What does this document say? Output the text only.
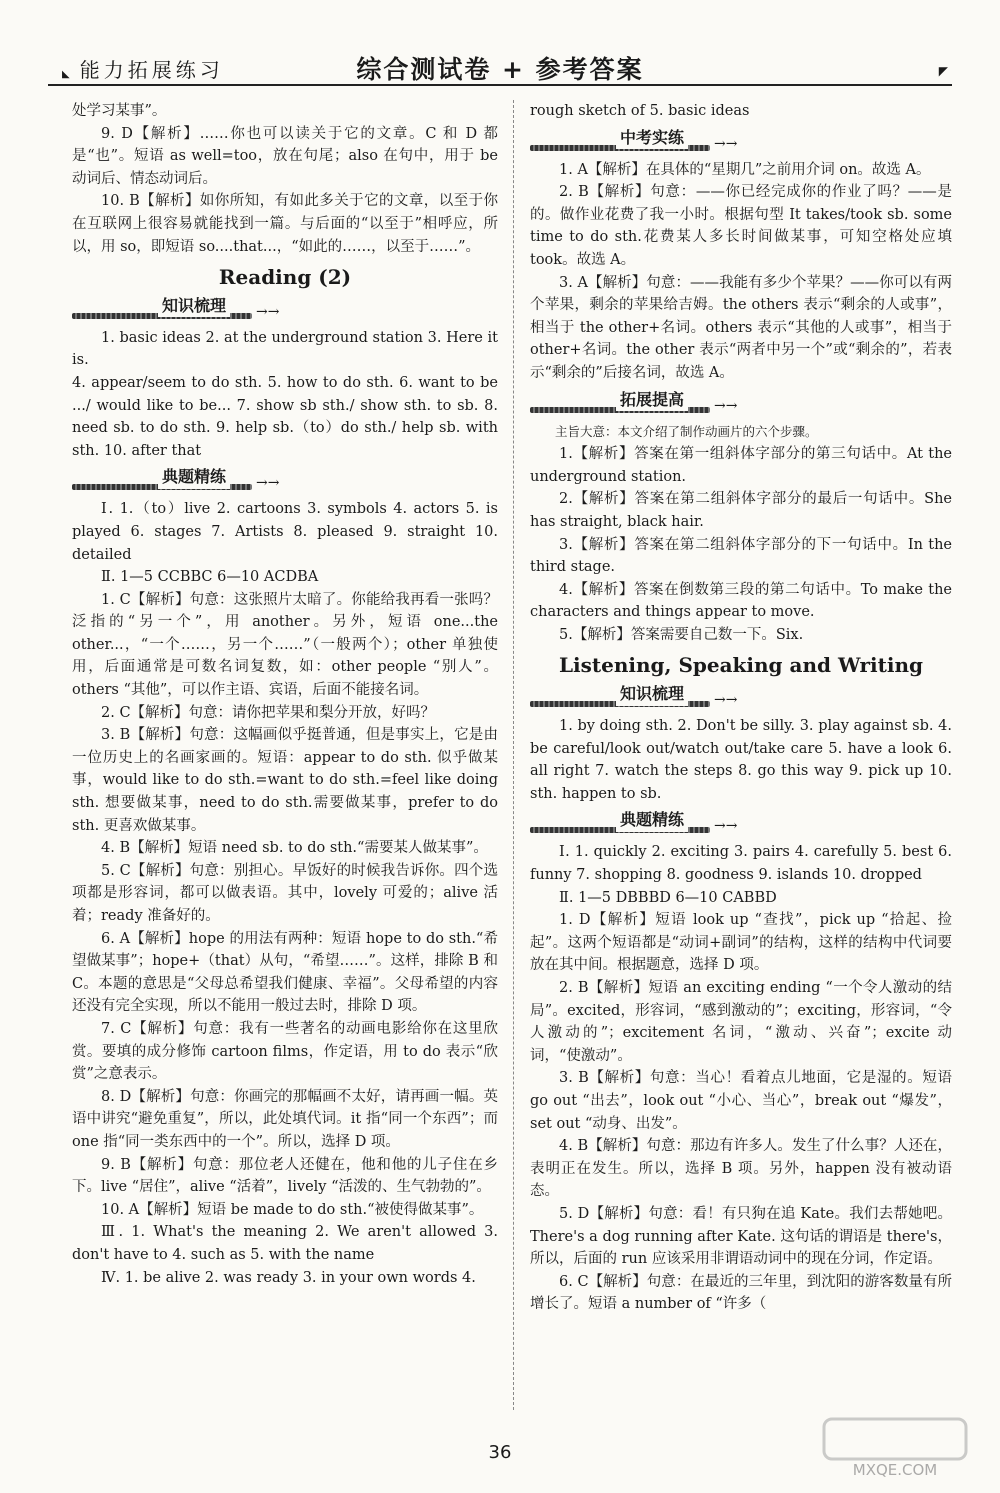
◣ 能力拓展练习	综合测试卷 + 参考答案	◤

处学习某事”。

9. D【解析】……你也可以读关于它的文章。C 和 D 都是“也”。短语 as well=too，放在句尾；also 在句中，用于 be 动词后、情态动词后。

10. B【解析】如你所知，有如此多关于它的文章，以至于你在互联网上很容易就能找到一篇。与后面的“以至于”相呼应，所以，用 so，即短语 so....that...，“如此的……，以至于……”。

Reading (2)
知识梳理 →→

1. basic ideas 2. at the underground station 3. Here it is.

4. appear/seem to do sth. 5. how to do sth. 6. want to be .../ would like to be... 7. show sb sth./ show sth. to sb. 8. need sb. to do sth. 9. help sb.（to）do sth./ help sb. with sth. 10. after that

典题精练 →→

Ⅰ. 1.（to）live 2. cartoons 3. symbols 4. actors 5. is played 6. stages 7. Artists 8. pleased 9. straight 10. detailed

Ⅱ. 1—5 CCBBC 6—10 ACDBA

1. C【解析】句意：这张照片太暗了。你能给我再看一张吗？泛指的“另一个”，用 another。另外，短语 one...the other...，“一个……，另一个……”（一般两个）；other 单独使用，后面通常是可数名词复数，如：other people “别人”。others “其他”，可以作主语、宾语，后面不能接名词。

2. C【解析】句意：请你把苹果和梨分开放，好吗？

3. B【解析】句意：这幅画似乎挺普通，但是事实上，它是由一位历史上的名画家画的。短语：appear to do sth. 似乎做某事，would like to do sth.=want to do sth.=feel like doing sth. 想要做某事，need to do sth.需要做某事，prefer to do sth. 更喜欢做某事。

4. B【解析】短语 need sb. to do sth.“需要某人做某事”。

5. C【解析】句意：别担心。早饭好的时候我告诉你。四个选项都是形容词，都可以做表语。其中，lovely 可爱的；alive 活着；ready 准备好的。

6. A【解析】hope 的用法有两种：短语 hope to do sth.“希望做某事”；hope+（that）从句，“希望……”。这样，排除 B 和 C。本题的意思是“父母总希望我们健康、幸福”。父母希望的内容还没有完全实现，所以不能用一般过去时，排除 D 项。

7. C【解析】句意：我有一些著名的动画电影给你在这里欣赏。要填的成分修饰 cartoon films，作定语，用 to do 表示“欣赏”之意表示。

8. D【解析】句意：你画完的那幅画不太好，请再画一幅。英语中讲究“避免重复”，所以，此处填代词。it 指“同一个东西”；而 one 指“同一类东西中的一个”。所以，选择 D 项。

9. B【解析】句意：那位老人还健在，他和他的儿子住在乡下。live “居住”，alive “活着”，lively “活泼的、生气勃勃的”。

10. A【解析】短语 be made to do sth.“被使得做某事”。

Ⅲ. 1. What's the meaning 2. We aren't allowed 3. don't have to 4. such as 5. with the name

Ⅳ. 1. be alive 2. was ready 3. in your own words 4.

rough sketch of 5. basic ideas

中考实练 →→

1. A【解析】在具体的“星期几”之前用介词 on。故选 A。

2. B【解析】句意：——你已经完成你的作业了吗？——是的。做作业花费了我一小时。根据句型 It takes/took sb. some time to do sth.花费某人多长时间做某事，可知空格处应填 took。故选 A。

3. A【解析】句意：——我能有多少个苹果？——你可以有两个苹果，剩余的苹果给吉姆。the others 表示“剩余的人或事”，相当于 the other+名词。others 表示“其他的人或事”，相当于 other+名词。the other 表示“两者中另一个”或“剩余的”，若表示“剩余的”后接名词，故选 A。

拓展提高 →→

主旨大意：本文介绍了制作动画片的六个步骤。

1.【解析】答案在第一组斜体字部分的第三句话中。At the underground station.

2.【解析】答案在第二组斜体字部分的最后一句话中。She has straight, black hair.

3.【解析】答案在第二组斜体字部分的下一句话中。In the third stage.

4.【解析】答案在倒数第三段的第二句话中。To make the characters and things appear to move.

5.【解析】答案需要自己数一下。Six.

Listening, Speaking and Writing
知识梳理 →→

1. by doing sth. 2. Don't be silly. 3. play against sb. 4. be careful/look out/watch out/take care 5. have a look 6. all right 7. watch the steps 8. go this way 9. pick up 10. sth. happen to sb.

典题精练 →→

Ⅰ. 1. quickly 2. exciting 3. pairs 4. carefully 5. best 6. funny 7. shopping 8. goodness 9. islands 10. dropped

Ⅱ. 1—5 DBBBD 6—10 CABBD

1. D【解析】短语 look up “查找”，pick up “拾起、捡起”。这两个短语都是“动词+副词”的结构，这样的结构中代词要放在其中间。根据题意，选择 D 项。

2. B【解析】短语 an exciting ending “一个令人激动的结局”。excited，形容词，“感到激动的”；exciting，形容词，“令人激动的”；excitement 名词，“激动、兴奋”；excite 动词，“使激动”。

3. B【解析】句意：当心！看着点儿地面，它是湿的。短语 go out “出去”，look out “小心、当心”，break out “爆发”，set out “动身、出发”。

4. B【解析】句意：那边有许多人。发生了什么事？人还在，表明正在发生。所以，选择 B 项。另外，happen 没有被动语态。

5. D【解析】句意：看！有只狗在追 Kate。我们去帮她吧。There's a dog running after Kate. 这句话的谓语是 there's，所以，后面的 run 应该采用非谓语动词中的现在分词，作定语。

6. C【解析】句意：在最近的三年里，到沈阳的游客数量有所增长了。短语 a number of “许多（

36
MXQE.COM
